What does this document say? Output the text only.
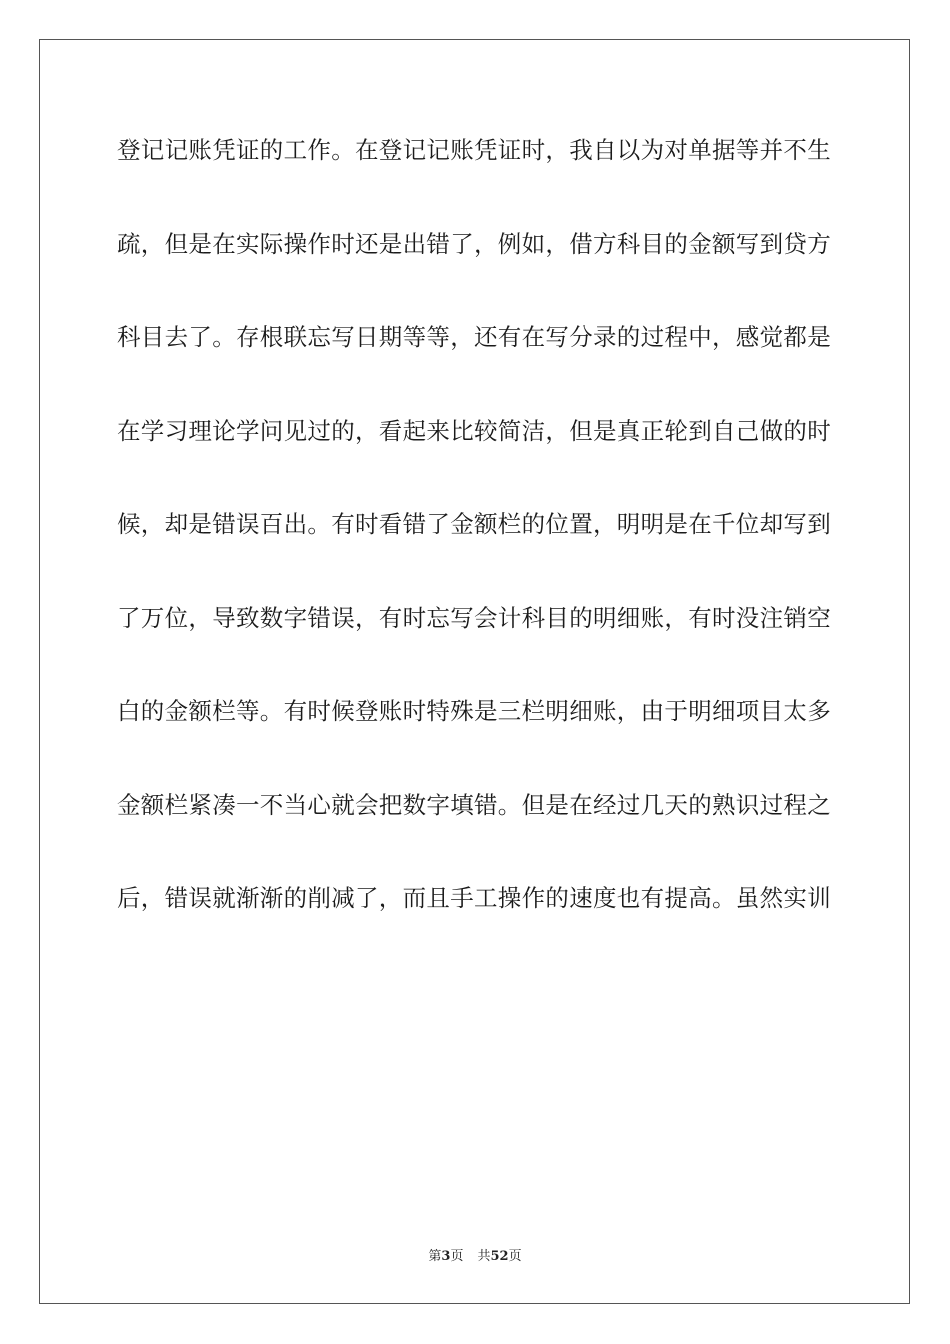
登记记账凭证的工作。在登记记账凭证时，我自以为对单据等并不生

疏，但是在实际操作时还是出错了，例如，借方科目的金额写到贷方

科目去了。存根联忘写日期等等，还有在写分录的过程中，感觉都是

在学习理论学问见过的，看起来比较简洁，但是真正轮到自己做的时

候，却是错误百出。有时看错了金额栏的位置，明明是在千位却写到

了万位，导致数字错误，有时忘写会计科目的明细账，有时没注销空

白的金额栏等。有时候登账时特殊是三栏明细账，由于明细项目太多

金额栏紧凑一不当心就会把数字填错。但是在经过几天的熟识过程之

后，错误就渐渐的削减了，而且手工操作的速度也有提高。虽然实训

第3页 共52页
